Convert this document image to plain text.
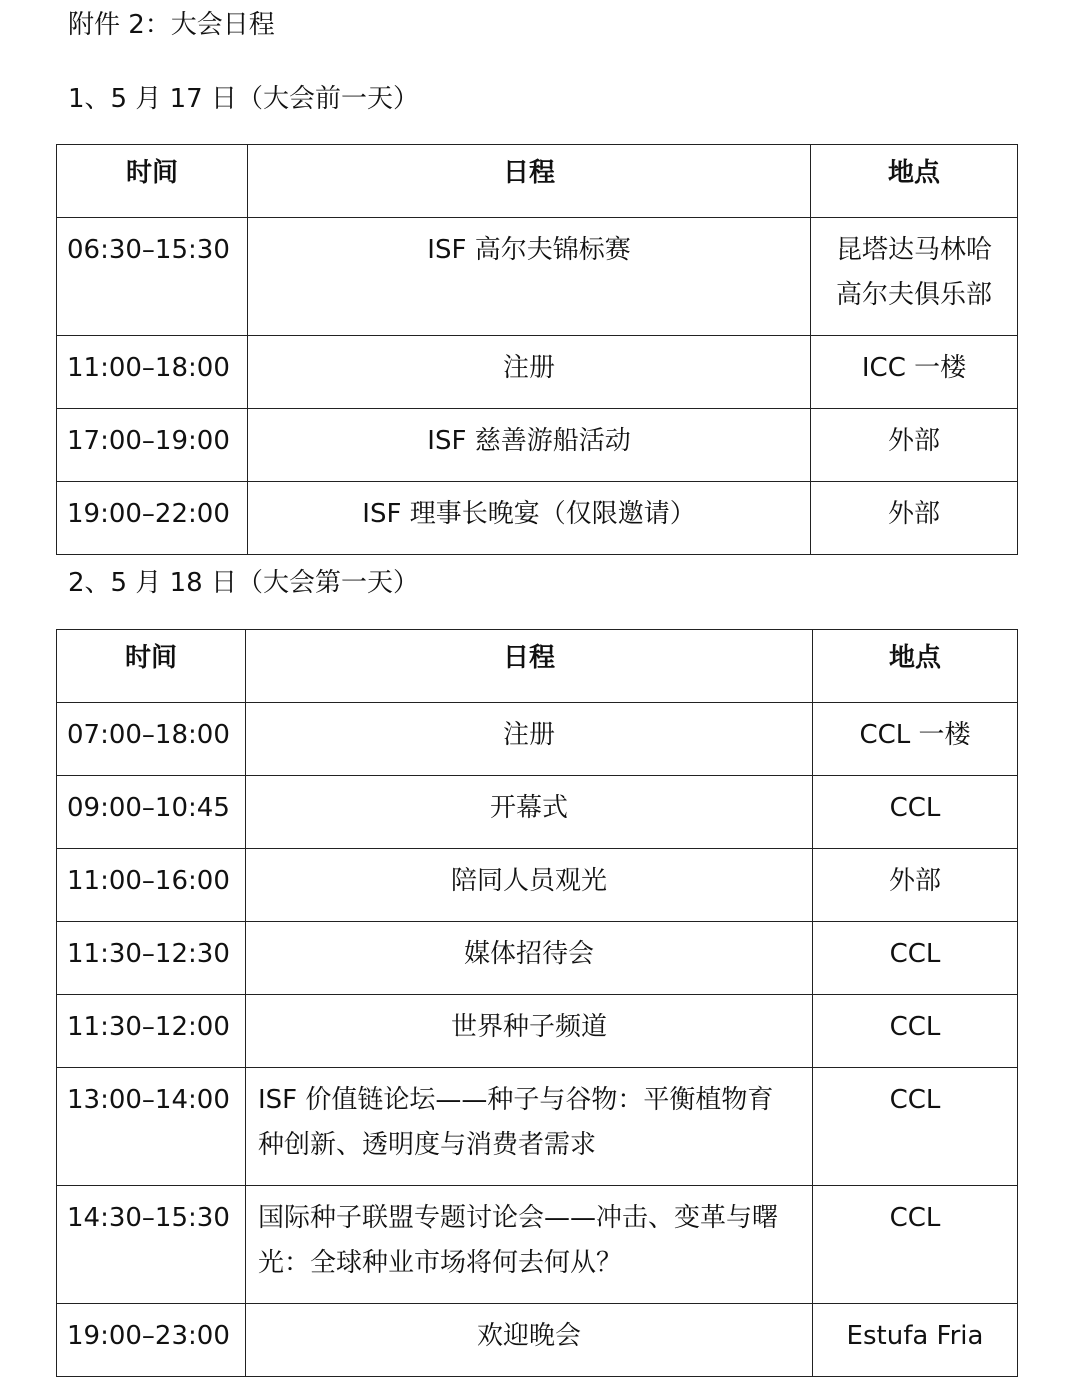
附件 2：大会日程
1、5 月 17 日（大会前一天）
时间	日程	地点
06:30–15:30	ISF 高尔夫锦标赛	昆塔达马林哈
高尔夫俱乐部

11:00–18:00	注册	ICC 一楼
17:00–19:00	ISF 慈善游船活动	外部
19:00–22:00	ISF 理事长晚宴（仅限邀请）	外部
2、5 月 18 日（大会第一天）
时间	日程	地点
07:00–18:00	注册	CCL 一楼
09:00–10:45	开幕式	CCL
11:00–16:00	陪同人员观光	外部
11:30–12:30	媒体招待会	CCL
11:30–12:00	世界种子频道	CCL
13:00–14:00	ISF 价值链论坛——种子与谷物：平衡植物育
种创新、透明度与消费者需求	CCL
14:30–15:30	国际种子联盟专题讨论会——冲击、变革与曙
光：全球种业市场将何去何从？	CCL
19:00–23:00	欢迎晚会	Estufa Fria
